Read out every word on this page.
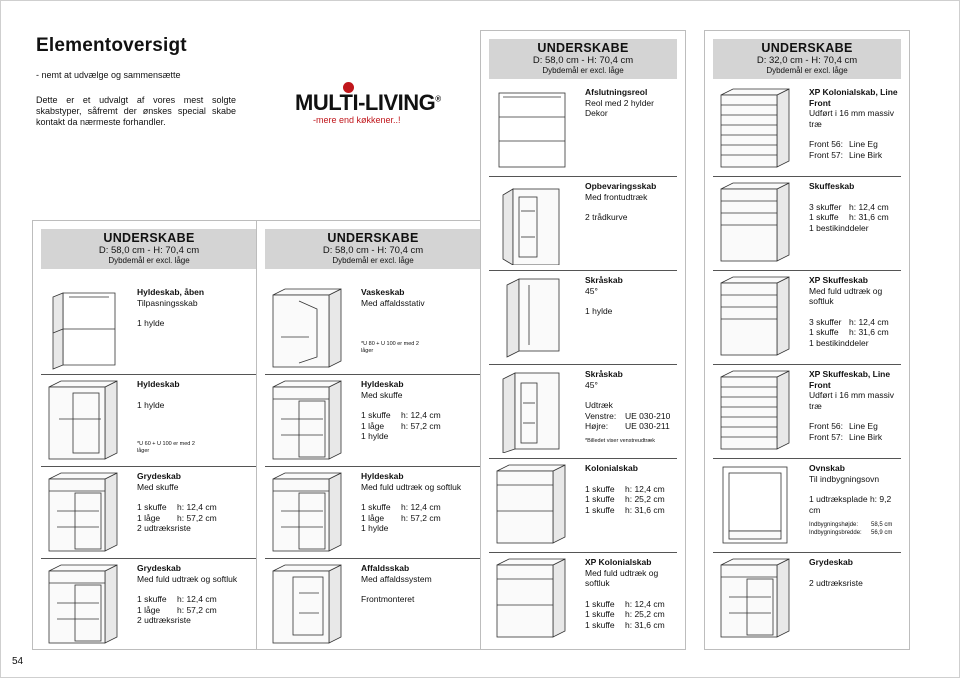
Elementoversigt
- nemt at udvælge og sammensætte
Dette er et udvalgt af vores mest solgte skabstyper, såfremt der ønskes special skabe kontakt da nærmeste forhandler.
MULTI-LIVING®
-mere end køkkener..!
54
UNDERSKABE
D: 58,0 cm - H: 70,4 cm
Dybdemål er excl. låge
Hyldeskab, åben
Tilpasningsskab
1 hylde
Hyldeskab
1 hylde
*U 60 + U 100 er med 2 låger
Grydeskab
Med skuffe
1 skuffe	h: 12,4 cm
1 låge	h: 57,2 cm
2 udtræksriste
Grydeskab
Med fuld udtræk og softluk
1 skuffe	h: 12,4 cm
1 låge	h: 57,2 cm
2 udtræksriste
UNDERSKABE
D: 58,0 cm - H: 70,4 cm
Dybdemål er excl. låge
Vaskeskab
Med affaldsstativ
*U 80 + U 100 er med 2 låger
Hyldeskab
Med skuffe
1 skuffe	h: 12,4 cm
1 låge	h: 57,2 cm
1 hylde
Hyldeskab
Med fuld udtræk og softluk
1 skuffe	h: 12,4 cm
1 låge	h: 57,2 cm
1 hylde
Affaldsskab
Med affaldssystem
Frontmonteret
UNDERSKABE
D: 58,0 cm - H: 70,4 cm
Dybdemål er excl. låge
Afslutningsreol
Reol med 2 hylder
Dekor
Opbevaringsskab
Med frontudtræk
2 trådkurve
Skråskab
45°
1 hylde
Skråskab
45°
Udtræk
Venstre:	UE 030-210
Højre:	UE 030-211
*Billedet viser venstreudtræk
Kolonialskab
1 skuffe	h: 12,4 cm
1 skuffe	h: 25,2 cm
1 skuffe	h: 31,6 cm
XP Kolonialskab
Med fuld udtræk og softluk
1 skuffe	h: 12,4 cm
1 skuffe	h: 25,2 cm
1 skuffe	h: 31,6 cm
UNDERSKABE
D: 32,0 cm - H: 70,4 cm
Dybdemål er excl. låge
XP Kolonialskab, Line Front
Udført i 16 mm massiv træ
Front 56: Line Eg
Front 57: Line Birk
Skuffeskab
3 skuffer h: 12,4 cm
1 skuffe	h: 31,6 cm
1 bestikinddeler
XP Skuffeskab
Med fuld udtræk og softluk
3 skuffer h: 12,4 cm
1 skuffe	h: 31,6 cm
1 bestikinddeler
XP Skuffeskab, Line Front
Udført i 16 mm massiv træ
Front 56: Line Eg
Front 57: Line Birk
Ovnskab
Til indbygningsovn
1 udtræksplade h: 9,2 cm
Indbygningshøjde:	58,5 cm
Indbygningsbredde:	56,9 cm
Grydeskab
2 udtræksriste
